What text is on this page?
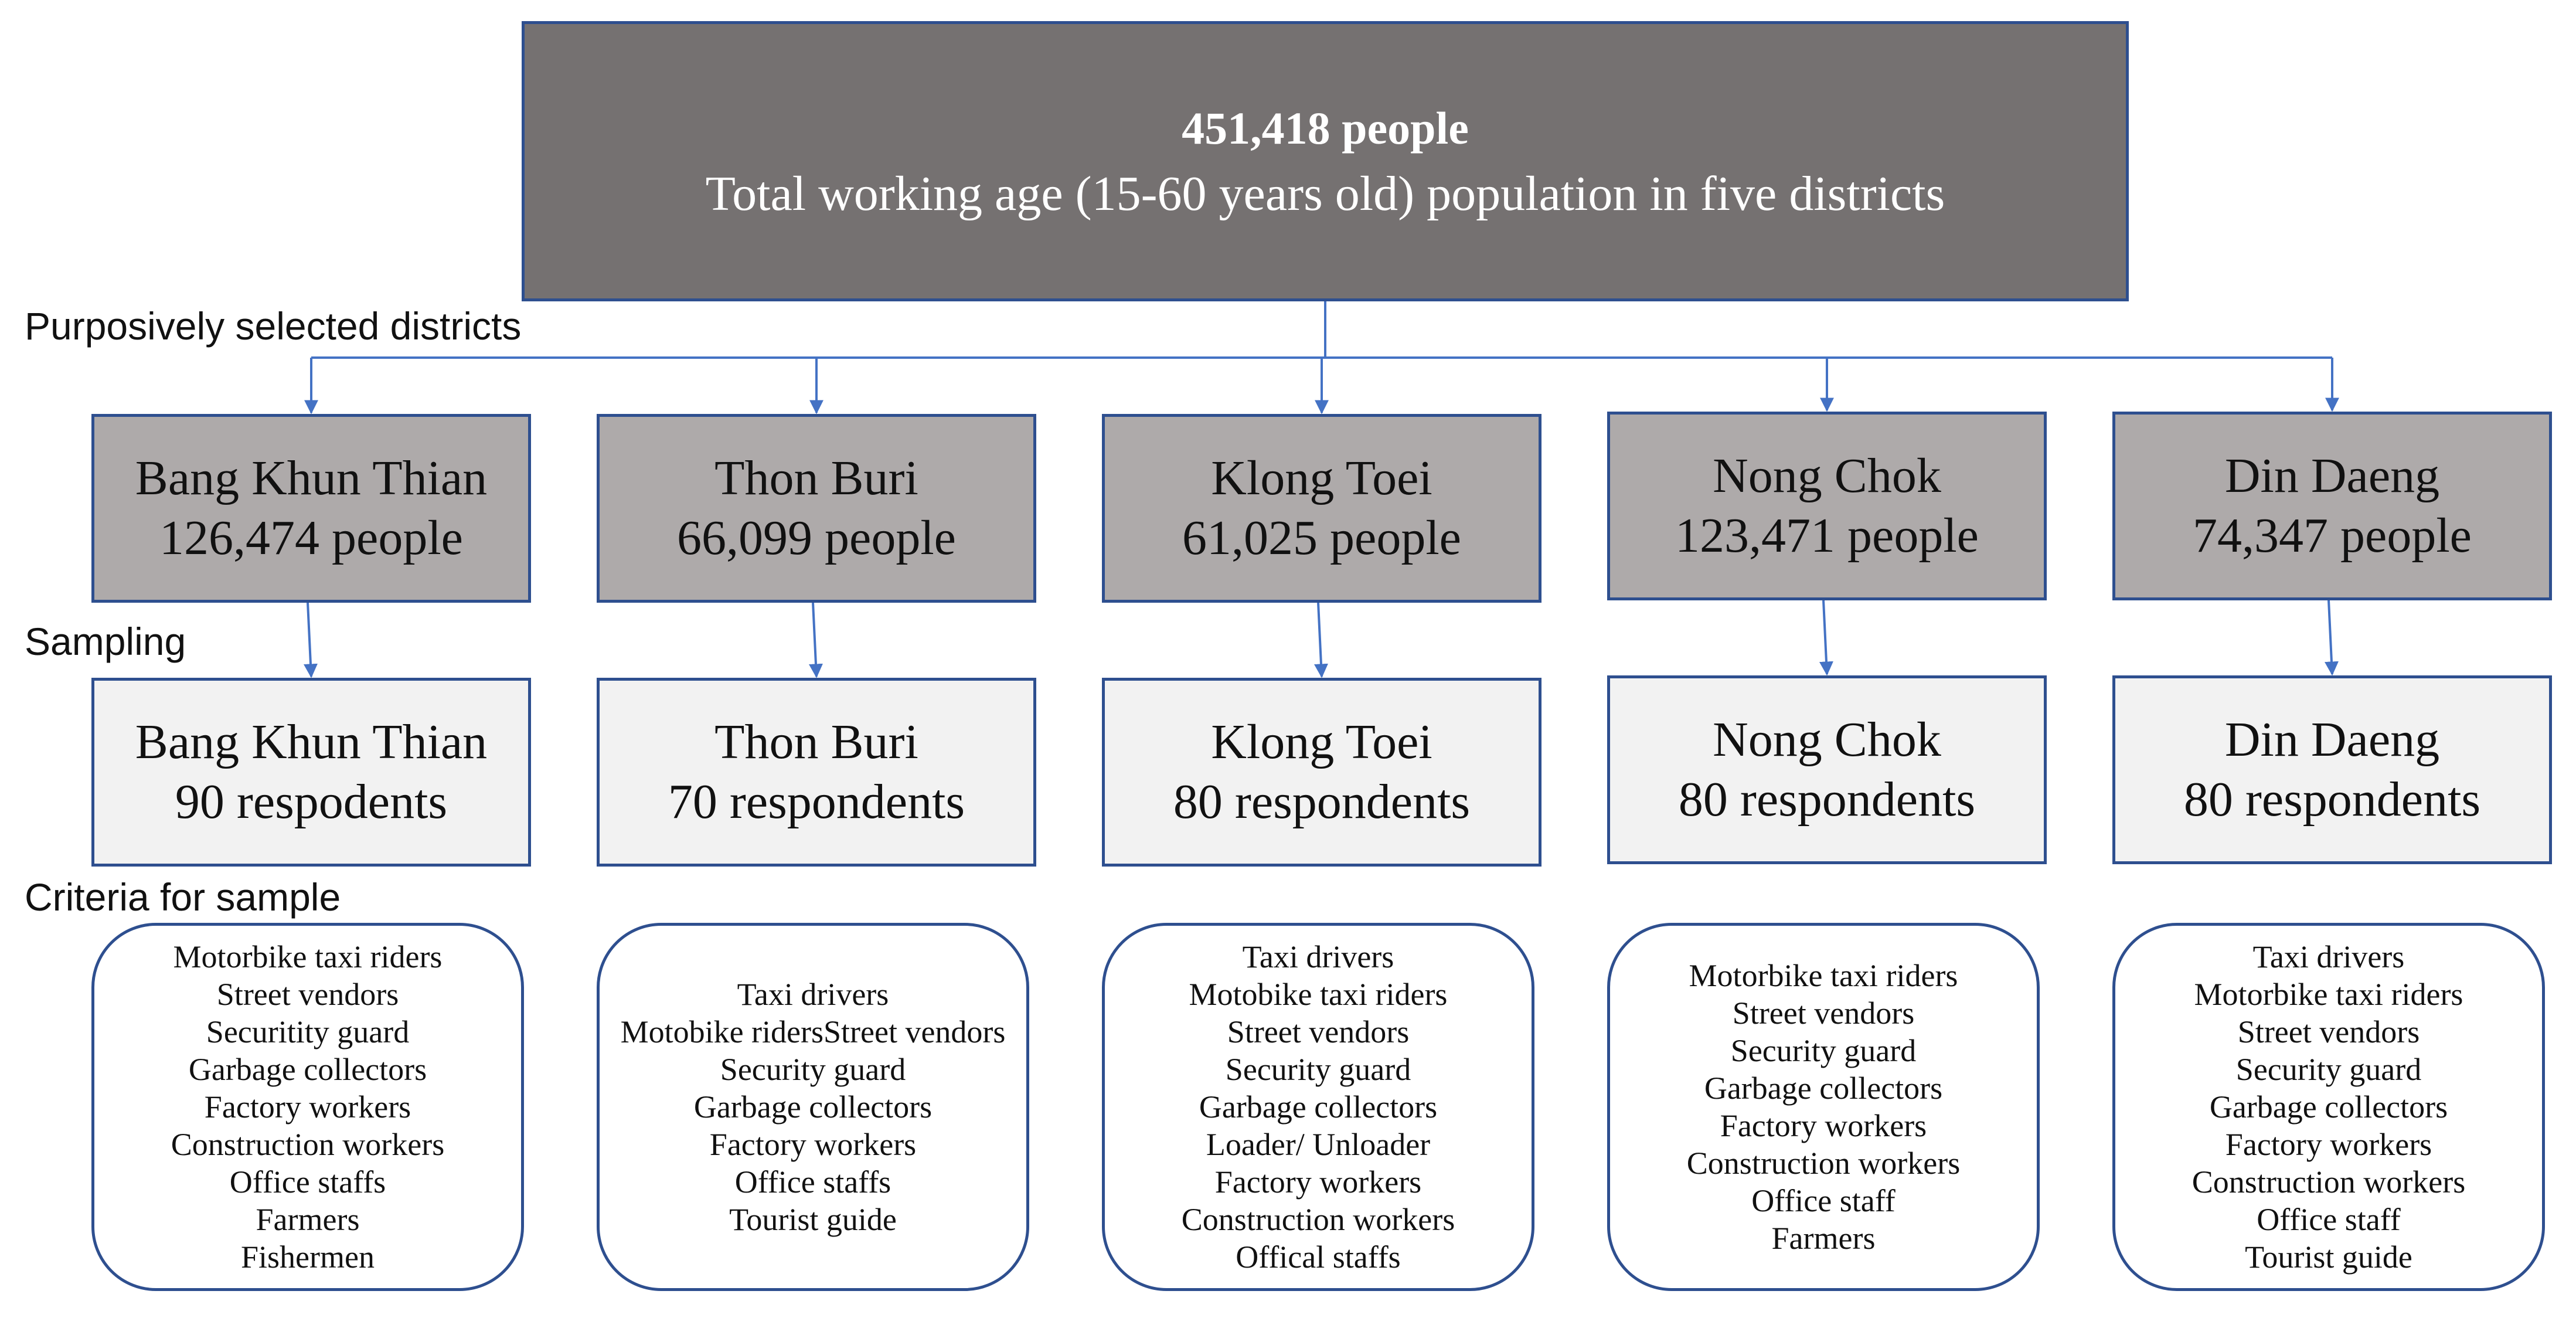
451,418 people
Total working age (15-60 years old) population in five districts
Purposively selected districts
Sampling
Criteria for sample
Bang Khun Thian
126,474 people
Thon Buri
66,099 people
Klong Toei
61,025 people
Nong Chok
123,471 people
Din Daeng
74,347 people
Bang Khun Thian
90 respodents
Thon Buri
70 respondents
Klong Toei
80 respondents
Nong Chok
80 respondents
Din Daeng
80 respondents
Motorbike taxi riders
Street vendors
Securitity guard
Garbage collectors
Factory workers
Construction workers
Office staffs
Farmers
Fishermen
Taxi drivers
Motobike ridersStreet vendors
Security guard
Garbage collectors
Factory workers
Office staffs
Tourist guide
Taxi drivers
Motobike taxi riders
Street vendors
Security guard
Garbage collectors
Loader/ Unloader
Factory workers
Construction workers
Offical staffs
Motorbike taxi riders
Street vendors
Security guard
Garbage collectors
Factory workers
Construction workers
Office staff
Farmers
Taxi drivers
Motorbike taxi riders
Street vendors
Security guard
Garbage collectors
Factory workers
Construction workers
Office staff
Tourist guide
